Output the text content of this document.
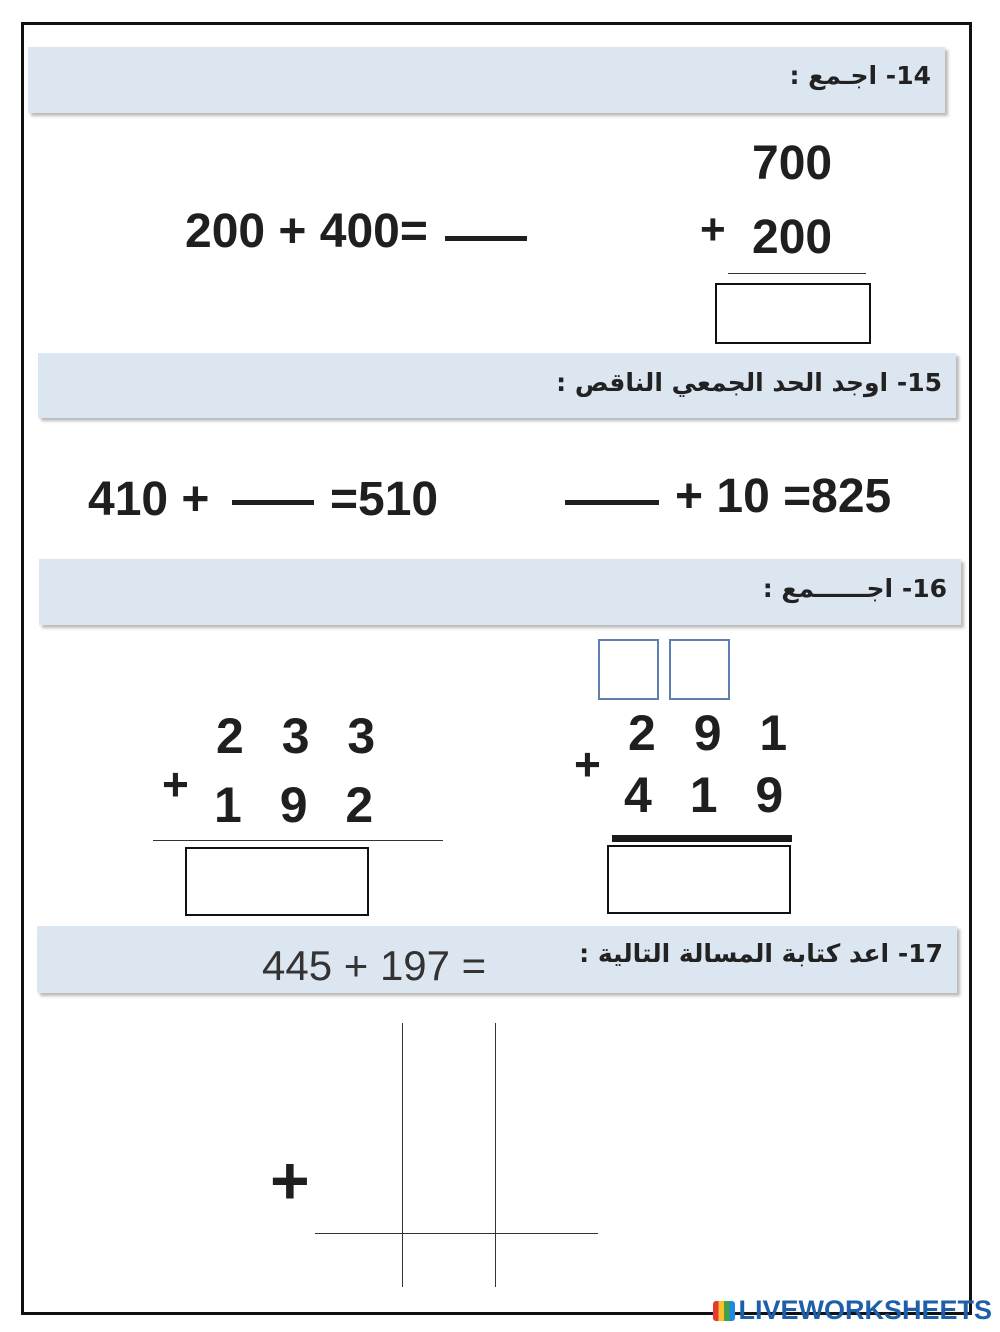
14- اجـمع :
200 + 400=
700
+ 200
15- اوجد الحد الجمعي الناقص :
410 +	=510	+ 10 =825
16- اجــــــمع :
2 3 3
+ 1 9 2
2 9 1
+
4 1 9
17- اعد كتابة المسالة التالية :
445 + 197 =
+
LIVEWORKSHEETS
